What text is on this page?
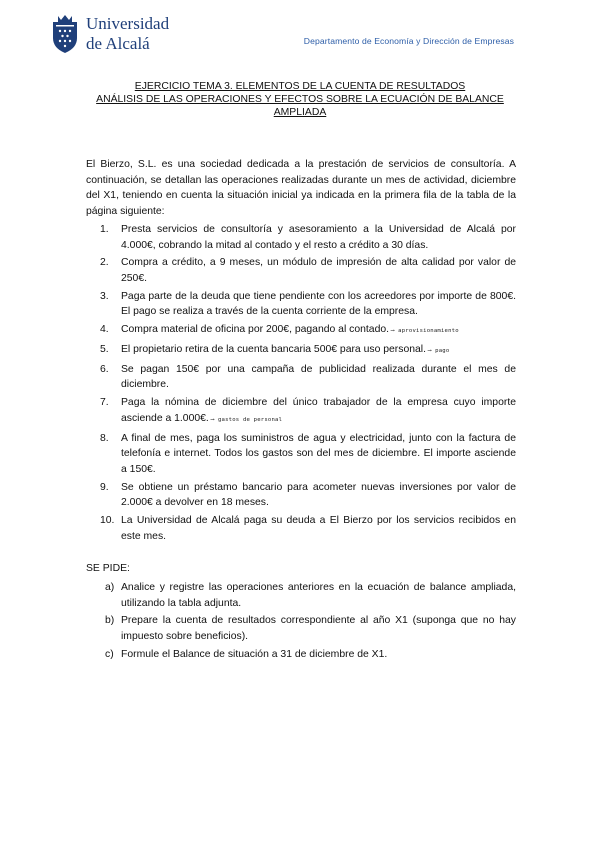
Universidad
de Alcalá	Departamento de Economía y Dirección de Empresas
EJERCICIO TEMA 3. ELEMENTOS DE LA CUENTA DE RESULTADOS
ANÁLISIS DE LAS OPERACIONES Y EFECTOS SOBRE LA ECUACIÓN DE BALANCE
AMPLIADA
El Bierzo, S.L. es una sociedad dedicada a la prestación de servicios de consultoría. A continuación, se detallan las operaciones realizadas durante un mes de actividad, diciembre del X1, teniendo en cuenta la situación inicial ya indicada en la primera fila de la tabla de la página siguiente:
1. Presta servicios de consultoría y asesoramiento a la Universidad de Alcalá por 4.000€, cobrando la mitad al contado y el resto a crédito a 30 días.
2. Compra a crédito, a 9 meses, un módulo de impresión de alta calidad por valor de 250€.
3. Paga parte de la deuda que tiene pendiente con los acreedores por importe de 800€. El pago se realiza a través de la cuenta corriente de la empresa.
4. Compra material de oficina por 200€, pagando al contado. ⟶ aprovisionamiento
5. El propietario retira de la cuenta bancaria 500€ para uso personal. ⟶ pago
6. Se pagan 150€ por una campaña de publicidad realizada durante el mes de diciembre.
7. Paga la nómina de diciembre del único trabajador de la empresa cuyo importe asciende a 1.000€. ⟶ gastos de personal
8. A final de mes, paga los suministros de agua y electricidad, junto con la factura de telefonía e internet. Todos los gastos son del mes de diciembre. El importe asciende a 150€.
9. Se obtiene un préstamo bancario para acometer nuevas inversiones por valor de 2.000€ a devolver en 18 meses.
10. La Universidad de Alcalá paga su deuda a El Bierzo por los servicios recibidos en este mes.
SE PIDE:
a) Analice y registre las operaciones anteriores en la ecuación de balance ampliada, utilizando la tabla adjunta.
b) Prepare la cuenta de resultados correspondiente al año X1 (suponga que no hay impuesto sobre beneficios).
c) Formule el Balance de situación a 31 de diciembre de X1.
